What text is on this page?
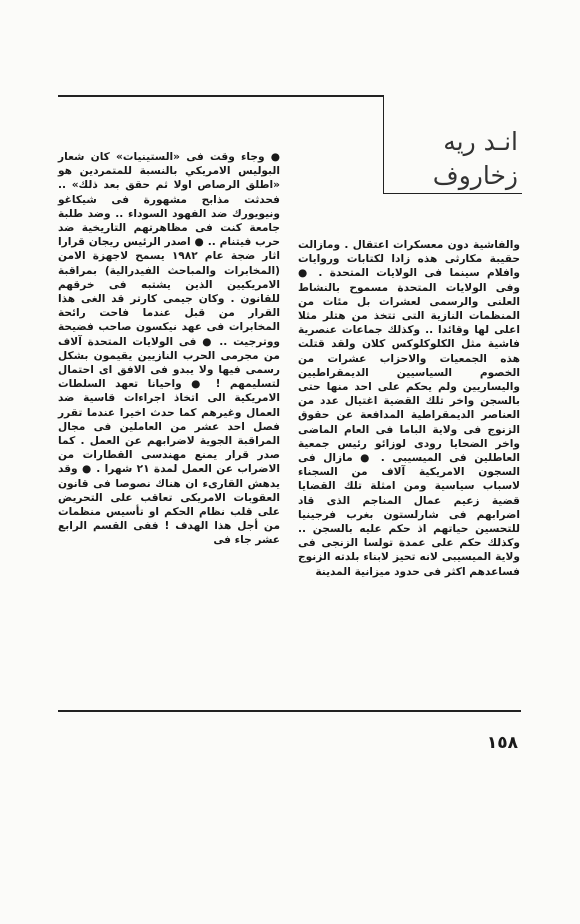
انـد ريه
زخاروف

● وجاء وقت فى «الستينيات» كان شعار البوليس الامريكي بالنسبة للمتمردين هو «اطلق الرصاص اولا ثم حقق بعد ذلك» .. فحدثت مذابح مشهورة فى شيكاغو ونيويورك ضد الفهود السوداء .. وضد طلبة جامعة كنت فى مظاهرتهم التاريخية ضد حرب فيتنام .. ● اصدر الرئيس ريجان قرارا اثار ضجة عام ١٩٨٢ يسمح لاجهزة الامن (المخابرات والمباحث الفيدرالية) بمراقبة الامريكيين الذين يشتبه فى خرقهم للقانون . وكان جيمى كارتر قد الغى هذا القرار من قبل عندما فاحت رائحة المخابرات فى عهد نيكسون صاحب فضيحة ووترجيت .. ● فى الولايات المتحدة آلاف من مجرمى الحرب النازيين يقيمون بشكل رسمى فيها ولا يبدو فى الافق اى احتمال لتسليمهم ! ● واحيانا تعهد السلطات الامريكية الى اتخاذ اجراءات قاسية ضد العمال وغيرهم كما حدث اخيرا عندما تقرر فصل احد عشر من العاملين فى مجال المراقبة الجوية لاضرابهم عن العمل . كما صدر قرار يمنع مهندسى القطارات من الاضراب عن العمل لمدة ٢١ شهرا . ● وقد يدهش القارىء ان هناك نصوصا فى قانون العقوبات الامريكى تعاقب على التحريض على قلب نظام الحكم او تأسيس منظمات من أجل هذا الهدف ! ففى القسم الرابع عشر جاء فى

والفاشية دون معسكرات اعتقال . ومازالت حقيبة مكارثى هذه زادا لكتابات وروايات وافلام سينما فى الولايات المتحدة . ● وفى الولايات المتحدة مسموح بالنشاط العلنى والرسمى لعشرات بل مئات من المنظمات النازية التى تتخذ من هتلر مثلا اعلى لها وقائدا .. وكذلك جماعات عنصرية فاشية مثل الكلوكلوكس كلان ولقد قتلت هذه الجمعيات والاحزاب عشرات من الخصوم السياسيين الديمقراطيين واليساريين ولم يحكم على احد منها حتى بالسجن واخر تلك القضية اغتيال عدد من العناصر الديمقراطية المدافعة عن حقوق الزنوج فى ولاية الباما فى العام الماضى واخر الضحايا رودى لوزائو رئيس جمعية العاطلين فى الميسيبى . ● مازال فى السجون الامريكية آلاف من السجناء لاسباب سياسية ومن امثلة تلك القضايا قضية زعيم عمال المناجم الذى قاد اضرابهم فى شارلستون بغرب فرجينيا للتحسين حياتهم اذ حكم عليه بالسجن .. وكذلك حكم على عمدة تولسا الزنجى فى ولاية الميسيبى لانه تحيز لابناء بلدته الزنوج فساعدهم اكثر فى حدود ميزانية المدينة

١٥٨
